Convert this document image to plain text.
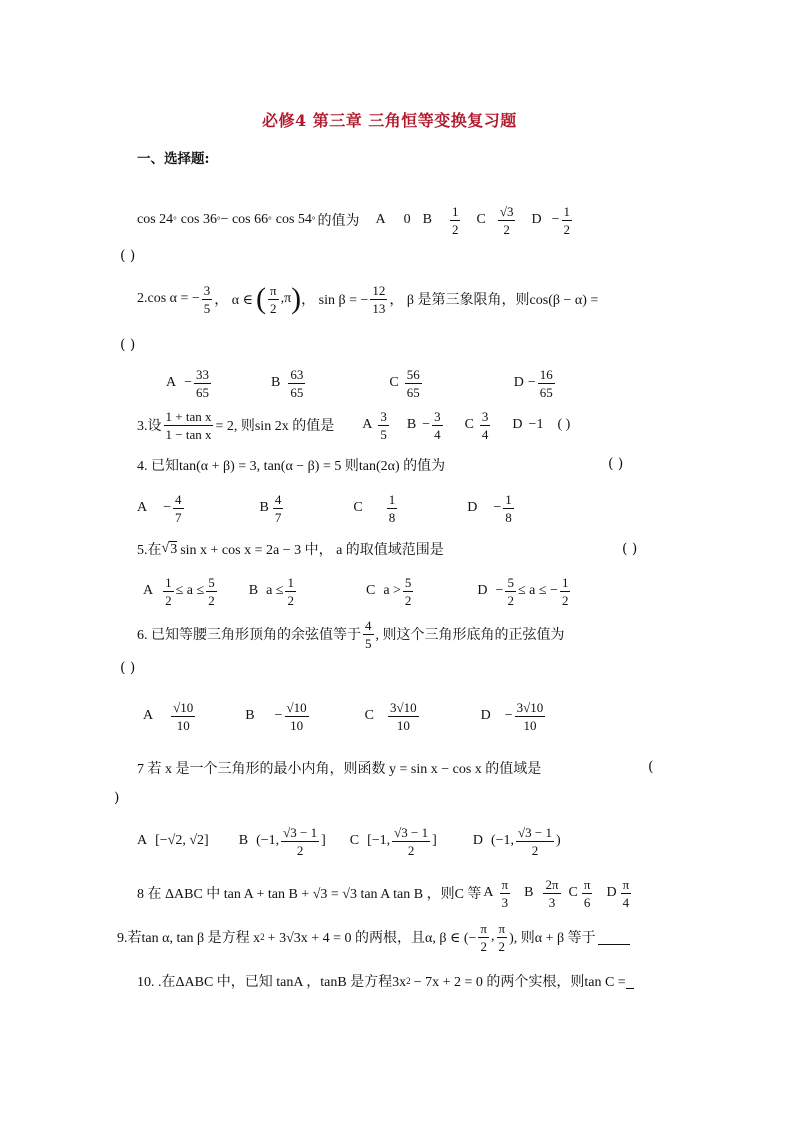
必修4 第三章 三角恒等变换复习题
一、选择题:
cos 24 ° cos 36 ° − cos 66 ° cos 54 ° 的值为 A 0 B $\frac{1}{2}$ C $\frac{√3}{2}$ $D - \frac{1}{2}$
( )
2. cos α = − $\frac{3}{5}$ ， α ∈ ( $\frac{\pi}{2} ,\pi$ ) ， sin β = − $\frac{12}{13}$ ， β 是第三象限角，则cos(β − α) =
( )
$A - \frac{33}{65}$	B $\frac{63}{65}$	C $\frac{56}{65}$	$D - \frac{16}{65}$
3.设 $\frac{\text{1 + tan x}}{\text{1 − tan x}} = 2$, 则sin 2x 的值是 A $\frac{3}{5}$ $B - \frac{3}{4}$ C $\frac{3}{4}$ D −1 ( )
4. 已知tan(α + β) = 3, tan(α − β) = 5 则tan(2α) 的值为	( )
$A - \frac{4}{7}$	B $\frac{4}{7}$	C $\frac{1}{8}$	$D - \frac{1}{8}$
5.在 √ 3 sin x + cos x = 2a − 3 中， a 的取值域范围是	( )
A $\frac{1}{2} \le a \le \frac{5}{2}$ B $a \le \frac{1}{2}$	C $a > \frac{5}{2}$	$D - \frac{5}{2} \le a$ ≤ − $\frac{1}{2}$
6. 已知等腰三角形顶角的余弦值等于 $\frac{4}{5}$ , 则这个三角形底角的正弦值为
( )
A $\frac{√10}{10}$	$B - \frac{√10}{10}$	C $\frac{3√10}{10}$	$D - \frac{3√10}{10}$
7 若 x 是一个三角形的最小内角，则函数 y = sin x − cos x 的值域是	(
)
A [−√2, √2] B (−1, $\frac{√3 - 1}{2}$ ] C [−1, $\frac{√3 - 1}{2}$ ]	D (−1, $\frac{√3 - 1}{2}$ )
8 在 ΔABC 中 tan A + tan B + √3 = √3 tan A tan B ，则C 等 A $\frac{\pi}{3}$ B $\frac{2\pi}{3}$ C $\frac{\pi}{6}$ D $\frac{\pi}{4}$
9.若tan α, tan β 是方程 x 2 + 3√3x + 4 = 0 的两根，且α, β ∈ (− $\frac{\pi}{2}$ , $\frac{\pi}{2}$ ), 则α + β 等于
10. .在ΔABC 中，已知 tanA ，tanB 是方程3x 2 − 7x + 2 = 0 的两个实根，则tan C =
